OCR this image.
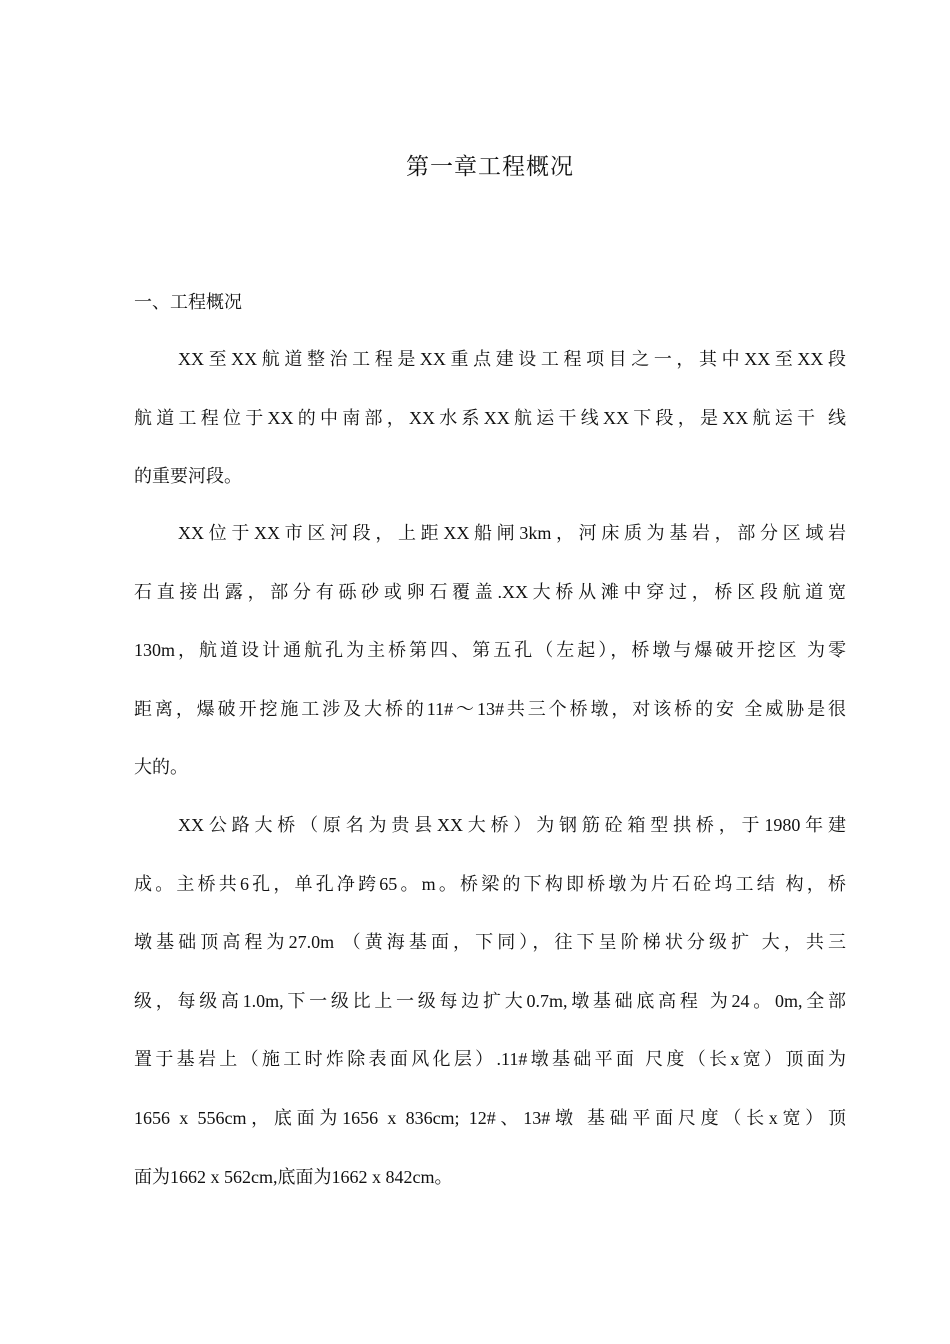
第一章工程概况
一、工程概况
XX至XX航道整治工程是XX重点建设工程项目之一，其中XX至XX段
航道工程位于XX的中南部，XX水系XX航运干线XX下段，是XX航运干 线
的重要河段。
XX位于XX市区河段，上距XX船闸3km，河床质为基岩，部分区域岩
石直接出露，部分有砾砂或卵石覆盖.XX大桥从滩中穿过，桥区段航道宽
130m，航道设计通航孔为主桥第四、第五孔（左起），桥墩与爆破开挖区 为零
距离，爆破开挖施工涉及大桥的11#〜13#共三个桥墩，对该桥的安 全威胁是很
大的。
XX公路大桥（原名为贵县XX大桥）为钢筋砼箱型拱桥，于1980年建
成。主桥共6孔，单孔净跨65。m。桥梁的下构即桥墩为片石砼坞工结 构，桥
墩基础顶高程为27.0m （黄海基面，下同），往下呈阶梯状分级扩 大，共三
级，每级高1.0m,下一级比上一级每边扩大0.7m,墩基础底高程 为24。0m,全部
置于基岩上（施工时炸除表面风化层）.11#墩基础平面 尺度（长x宽）顶面为
1656 x 556cm，底面为1656 x 836cm; 12#、13#墩 基础平面尺度（长x宽）顶
面为1662 x 562cm,底面为1662 x 842cm。
